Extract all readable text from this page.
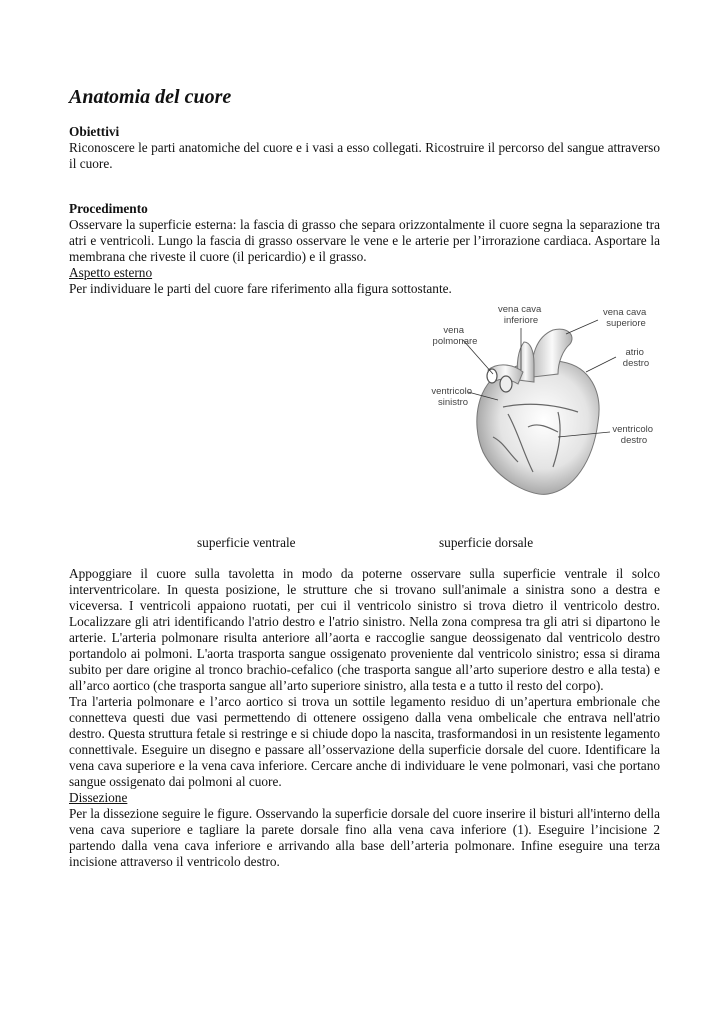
Anatomia del cuore

Obiettivi

Riconoscere le parti anatomiche del cuore e i vasi a esso collegati. Ricostruire il percorso del sangue attraverso il cuore.

Procedimento

Osservare la superficie esterna: la fascia di grasso che separa orizzontalmente il cuore segna la separazione tra atri e ventricoli. Lungo la fascia di grasso osservare le vene e le arterie per l’irrorazione cardiaca. Asportare la membrana che riveste il cuore (il pericardio) e il grasso.

Aspetto esterno

Per individuare le parti del cuore fare riferimento alla figura sottostante.

vena cava inferiore
vena cava superiore
vena polmonare
atrio destro
ventricolo sinistro
ventricolo destro
superficie ventrale	superficie dorsale

Appoggiare il cuore sulla tavoletta in modo da poterne osservare sulla superficie ventrale il solco interventricolare. In questa posizione, le strutture che si trovano sull'animale a sinistra sono a destra e viceversa. I ventricoli appaiono ruotati, per cui il ventricolo sinistro si trova dietro il ventricolo destro. Localizzare gli atri identificando l'atrio destro e l'atrio sinistro. Nella zona compresa tra gli atri si dipartono le arterie. L'arteria polmonare risulta anteriore all’aorta e raccoglie sangue deossigenato dal ventricolo destro portandolo ai polmoni. L'aorta trasporta sangue ossigenato proveniente dal ventricolo sinistro; essa si dirama subito per dare origine al tronco brachio-cefalico (che trasporta sangue all’arto superiore destro e alla testa) e all’arco aortico (che trasporta sangue all’arto superiore sinistro, alla testa e a tutto il resto del corpo).

Tra l'arteria polmonare e l’arco aortico si trova un sottile legamento residuo di un’apertura embrionale che connetteva questi due vasi permettendo di ottenere ossigeno dalla vena ombelicale che entrava nell'atrio destro. Questa struttura fetale si restringe e si chiude dopo la nascita, trasformandosi in un resistente legamento connettivale. Eseguire un disegno e passare all’osservazione della superficie dorsale del cuore. Identificare la vena cava superiore e la vena cava inferiore. Cercare anche di individuare le vene polmonari, vasi che portano sangue ossigenato dai polmoni al cuore.

Dissezione

Per la dissezione seguire le figure. Osservando la superficie dorsale del cuore inserire il bisturi all'interno della vena cava superiore e tagliare la parete dorsale fino alla vena cava inferiore (1). Eseguire l’incisione 2 partendo dalla vena cava inferiore e arrivando alla base dell’arteria polmonare. Infine eseguire una terza incisione attraverso il ventricolo destro.
